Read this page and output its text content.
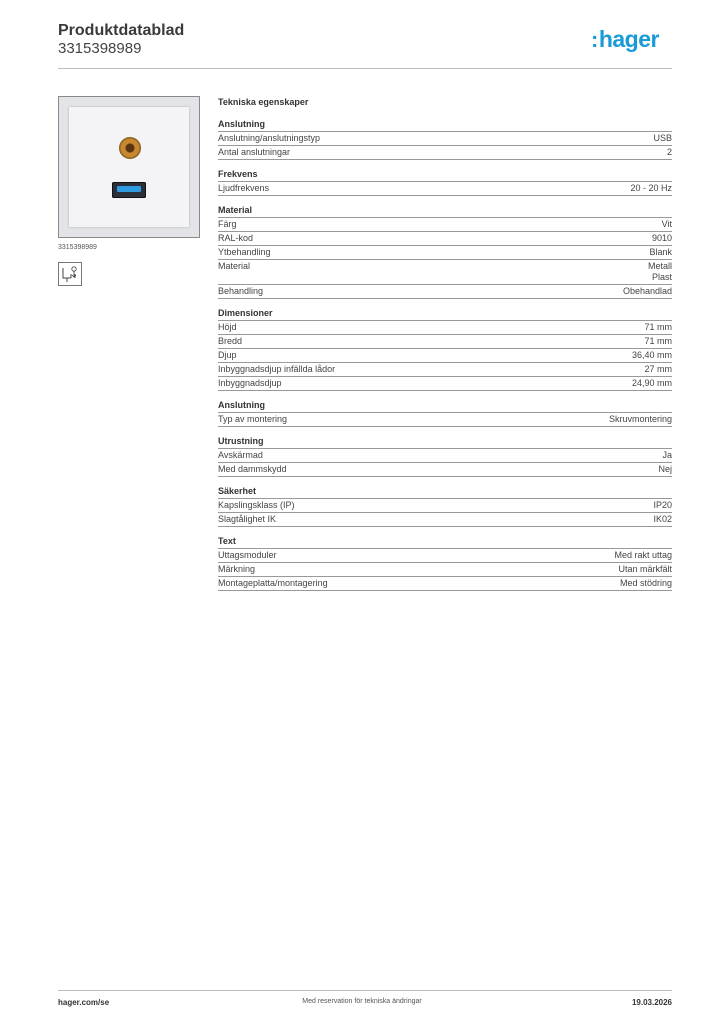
Produktdatablad
3315398989	:hager
3315398989
Tekniska egenskaper
Anslutning
Anslutning/anslutningstyp	USB
Antal anslutningar	2
Frekvens
Ljudfrekvens	20 - 20 Hz
Material
Färg	Vit
RAL-kod	9010
Ytbehandling	Blank
Material	Metall
Plast
Behandling	Obehandlad
Dimensioner
Höjd	71 mm
Bredd	71 mm
Djup	36,40 mm
Inbyggnadsdjup infällda lådor	27 mm
Inbyggnadsdjup	24,90 mm
Anslutning
Typ av montering	Skruvmontering
Utrustning
Avskärmad	Ja
Med dammskydd	Nej
Säkerhet
Kapslingsklass (IP)	IP20
Slagtålighet IK	IK02
Text
Uttagsmoduler	Med rakt uttag
Märkning	Utan märkfält
Montageplatta/montagering	Med stödring
hager.com/se	Med reservation för tekniska ändringar	19.03.2026
